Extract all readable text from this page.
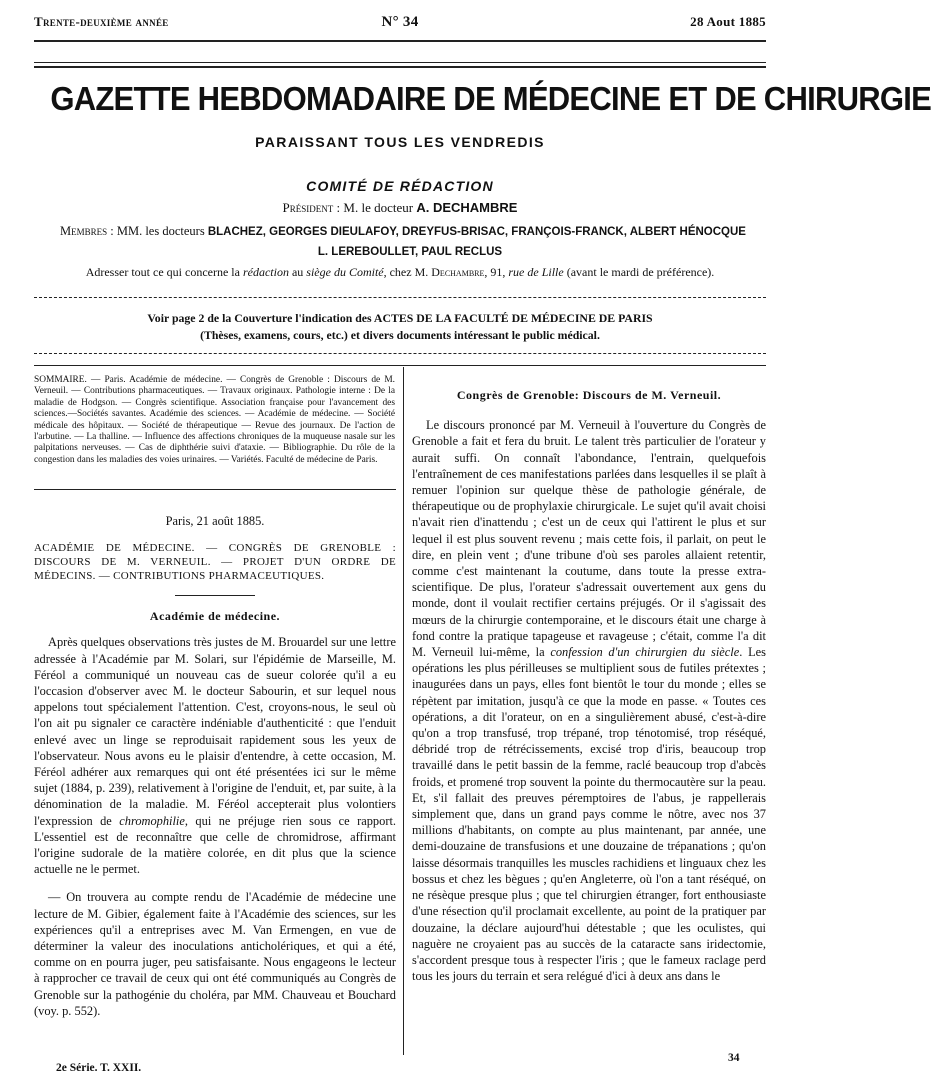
Trente-deuxième année	N° 34	28 Aout 1885
GAZETTE HEBDOMADAIRE DE MÉDECINE ET DE CHIRURGIE
PARAISSANT TOUS LES VENDREDIS
COMITÉ DE RÉDACTION
Président : M. le docteur A. DECHAMBRE
Membres : MM. les docteurs BLACHEZ, GEORGES DIEULAFOY, DREYFUS-BRISAC, FRANÇOIS-FRANCK, ALBERT HÉNOCQUE
L. LEREBOULLET, PAUL RECLUS
Adresser tout ce qui concerne la rédaction au siège du Comité, chez M. Dechambre, 91, rue de Lille (avant le mardi de préférence).
Voir page 2 de la Couverture l'indication des ACTES DE LA FACULTÉ DE MÉDECINE DE PARIS
(Thèses, examens, cours, etc.) et divers documents intéressant le public médical.
SOMMAIRE. — Paris. Académie de médecine. — Congrès de Grenoble : Discours de M. Verneuil. — Contributions pharmaceutiques. — Travaux originaux. Pathologie interne : De la maladie de Hodgson. — Congrès scientifique. Association française pour l'avancement des sciences.—Sociétés savantes. Académie des sciences. — Académie de médecine. — Société médicale des hôpitaux. — Société de thérapeutique — Revue des journaux. De l'action de l'arbutine. — La thalline. — Influence des affections chroniques de la muqueuse nasale sur les palpitations nerveuses. — Cas de diphthérie suivi d'ataxie. — Bibliographie. Du rôle de la congestion dans les maladies des voies urinaires. — Variétés. Faculté de médecine de Paris.
Paris, 21 août 1885.
ACADÉMIE DE MÉDECINE. — CONGRÈS DE GRENOBLE : DISCOURS DE M. VERNEUIL. — PROJET D'UN ORDRE DE MÉDECINS. — CONTRIBUTIONS PHARMACEUTIQUES.

Académie de médecine.

Après quelques observations très justes de M. Brouardel sur une lettre adressée à l'Académie par M. Solari, sur l'épidémie de Marseille, M. Féréol a communiqué un nouveau cas de sueur colorée qu'il a eu l'occasion d'observer avec M. le docteur Sabourin, et sur lequel nous appelons tout spécialement l'attention. C'est, croyons-nous, le seul où l'on ait pu signaler ce caractère indéniable d'authenticité : que l'enduit enlevé avec un linge se reproduisait rapidement sous les yeux de l'observateur. Nous avons eu le plaisir d'entendre, à cette occasion, M. Féréol adhérer aux remarques qui ont été présentées ici sur le même sujet (1884, p. 239), relativement à l'origine de l'enduit, et, par suite, à la dénomination de la maladie. M. Féréol accepterait plus volontiers l'expression de chromophilie, qui ne préjuge rien sous ce rapport. L'essentiel est de reconnaître que celle de chromidrose, affirmant l'origine sudorale de la matière colorée, en dit plus que la science actuelle ne le permet.

— On trouvera au compte rendu de l'Académie de médecine une lecture de M. Gibier, également faite à l'Académie des sciences, sur les expériences qu'il a entreprises avec M. Van Ermengen, en vue de déterminer la valeur des inoculations anticholériques, et qui a été, comme on en pourra juger, peu satisfaisante. Nous engageons le lecteur à rapprocher ce travail de ceux qui ont été communiqués au Congrès de Grenoble sur la pathogénie du choléra, par MM. Chauveau et Bouchard (voy. p. 552).

Congrès de Grenoble: Discours de M. Verneuil.

Le discours prononcé par M. Verneuil à l'ouverture du Congrès de Grenoble a fait et fera du bruit. Le talent très particulier de l'orateur y aurait suffi. On connaît l'abondance, l'entrain, quelquefois l'entraînement de ces manifestations parlées dans lesquelles il se plaît à remuer l'opinion sur quelque thèse de pathologie générale, de thérapeutique ou de prophylaxie chirurgicale. Le sujet qu'il avait choisi n'avait rien d'inattendu ; c'est un de ceux qui l'attirent le plus et sur lequel il est plus souvent revenu ; mais cette fois, il parlait, on peut le dire, en plein vent ; d'une tribune d'où ses paroles allaient retentir, comme c'est maintenant la coutume, dans toute la presse extra-scientifique. De plus, l'orateur s'adressait ouvertement aux gens du monde, dont il voulait rectifier certains préjugés. Or il s'agissait des mœurs de la chirurgie contemporaine, et le discours était une charge à fond contre la pratique tapageuse et ravageuse ; c'était, comme l'a dit M. Verneuil lui-même, la confession d'un chirurgien du siècle. Les opérations les plus périlleuses se multiplient sous de futiles prétextes ; inaugurées dans un pays, elles font bientôt le tour du monde ; elles se répètent par imitation, jusqu'à ce que la mode en passe. « Toutes ces opérations, a dit l'orateur, on en a singulièrement abusé, c'est-à-dire qu'on a trop transfusé, trop trépané, trop ténotomisé, trop réséqué, débridé trop de rétrécissements, excisé trop d'iris, beaucoup trop travaillé dans le petit bassin de la femme, raclé beaucoup trop d'abcès froids, et promené trop souvent la pointe du thermocautère sur la peau. Et, s'il fallait des preuves péremptoires de l'abus, je rappellerais simplement que, dans un grand pays comme le nôtre, avec nos 37 millions d'habitants, on compte au plus maintenant, par année, une demi-douzaine de transfusions et une douzaine de trépanations ; qu'on laisse désormais tranquilles les muscles rachidiens et linguaux chez les bossus et chez les bègues ; qu'en Angleterre, où l'on a tant réséqué, on ne résèque presque plus ; que tel chirurgien étranger, fort enthousiaste d'une résection qu'il proclamait excellente, au point de la pratiquer par douzaine, la déclare aujourd'hui détestable ; que les oculistes, qui naguère ne croyaient pas au succès de la cataracte sans iridectomie, s'accordent presque tous à respecter l'iris ; que le fameux raclage perd tous les jours du terrain et sera relégué d'ici à deux ans dans le

2e Série. T. XXII.
34
